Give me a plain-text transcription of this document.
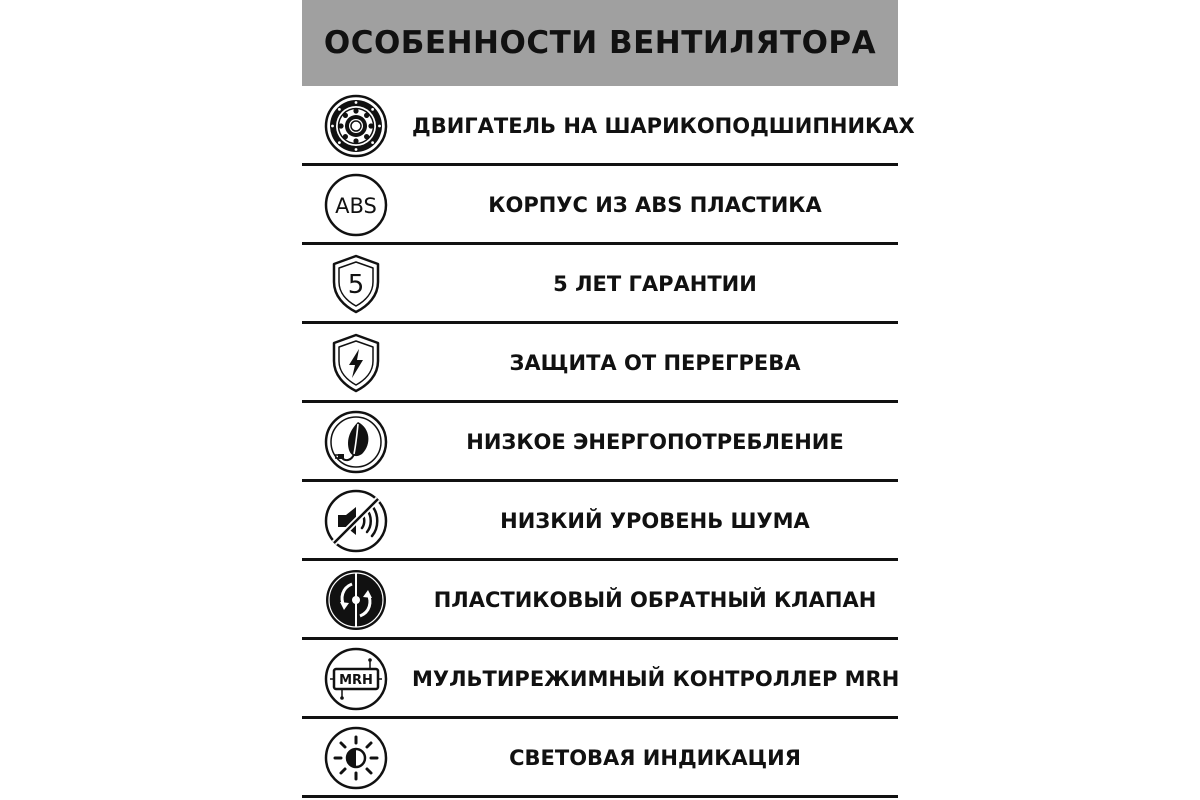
ОСОБЕННОСТИ ВЕНТИЛЯТОРА
ДВИГАТЕЛЬ НА ШАРИКОПОДШИПНИКАХ
ABS	КОРПУС ИЗ ABS ПЛАСТИКА
5	5 ЛЕТ ГАРАНТИИ
ЗАЩИТА ОТ ПЕРЕГРЕВА
НИЗКОЕ ЭНЕРГОПОТРЕБЛЕНИЕ
НИЗКИЙ УРОВЕНЬ ШУМА
ПЛАСТИКОВЫЙ ОБРАТНЫЙ КЛАПАН
MRH МУЛЬТИРЕЖИМНЫЙ КОНТРОЛЛЕР MRH
СВЕТОВАЯ ИНДИКАЦИЯ
